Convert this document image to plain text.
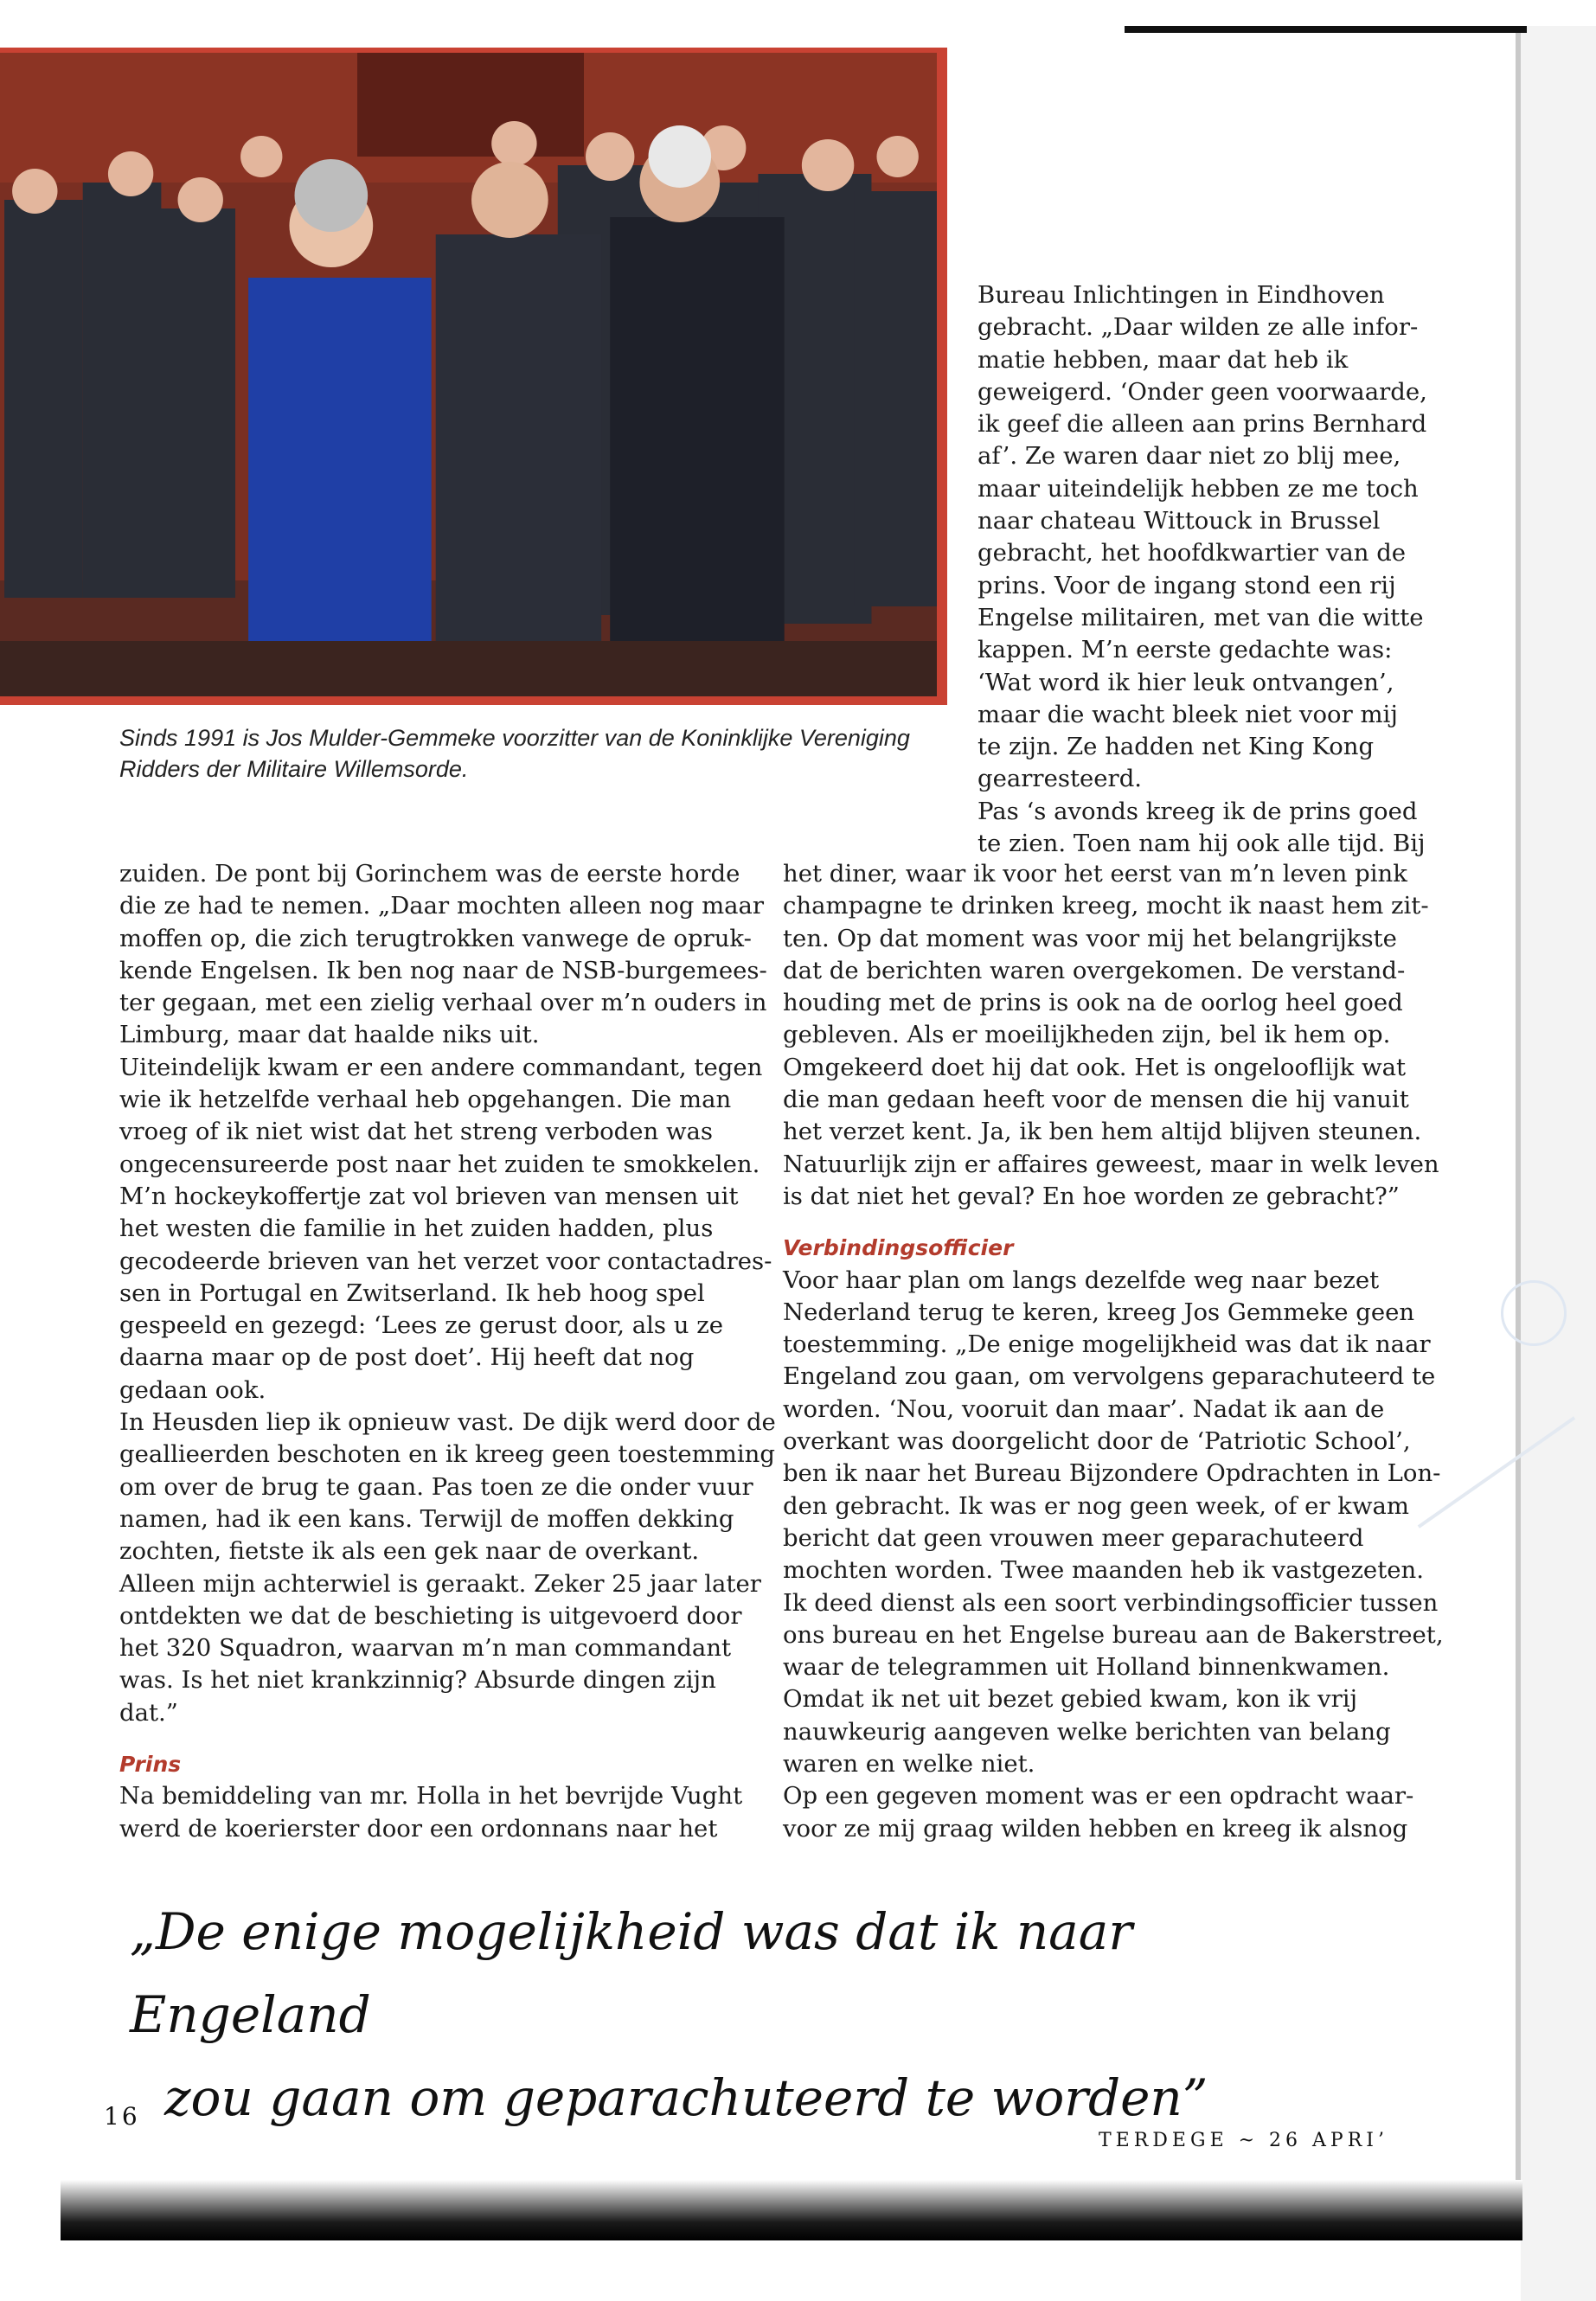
Sinds 1991 is Jos Mulder-Gemmeke voorzitter van de Koninklijke Vereniging
Ridders der Militaire Willemsorde.

Bureau Inlichtingen in Eindhoven

gebracht. „Daar wilden ze alle infor-

matie hebben, maar dat heb ik

geweigerd. ‘Onder geen voorwaarde,

ik geef die alleen aan prins Bernhard

af’. Ze waren daar niet zo blij mee,

maar uiteindelijk hebben ze me toch

naar chateau Wittouck in Brussel

gebracht, het hoofdkwartier van de

prins. Voor de ingang stond een rij

Engelse militairen, met van die witte

kappen. M’n eerste gedachte was:

‘Wat word ik hier leuk ontvangen’,

maar die wacht bleek niet voor mij

te zijn. Ze hadden net King Kong

gearresteerd.

Pas ‘s avonds kreeg ik de prins goed

te zien. Toen nam hij ook alle tijd. Bij

zuiden. De pont bij Gorinchem was de eerste horde

die ze had te nemen. „Daar mochten alleen nog maar

moffen op, die zich terugtrokken vanwege de opruk-

kende Engelsen. Ik ben nog naar de NSB-burgemees-

ter gegaan, met een zielig verhaal over m’n ouders in

Limburg, maar dat haalde niks uit.

Uiteindelijk kwam er een andere commandant, tegen

wie ik hetzelfde verhaal heb opgehangen. Die man

vroeg of ik niet wist dat het streng verboden was

ongecensureerde post naar het zuiden te smokkelen.

M’n hockeykoffertje zat vol brieven van mensen uit

het westen die familie in het zuiden hadden, plus

gecodeerde brieven van het verzet voor contactadres-

sen in Portugal en Zwitserland. Ik heb hoog spel

gespeeld en gezegd: ‘Lees ze gerust door, als u ze

daarna maar op de post doet’. Hij heeft dat nog

gedaan ook.

In Heusden liep ik opnieuw vast. De dijk werd door de

geallieerden beschoten en ik kreeg geen toestemming

om over de brug te gaan. Pas toen ze die onder vuur

namen, had ik een kans. Terwijl de moffen dekking

zochten, fietste ik als een gek naar de overkant.

Alleen mijn achterwiel is geraakt. Zeker 25 jaar later

ontdekten we dat de beschieting is uitgevoerd door

het 320 Squadron, waarvan m’n man commandant

was. Is het niet krankzinnig? Absurde dingen zijn

dat.”

Prins

Na bemiddeling van mr. Holla in het bevrijde Vught

werd de koerierster door een ordonnans naar het

het diner, waar ik voor het eerst van m’n leven pink

champagne te drinken kreeg, mocht ik naast hem zit-

ten. Op dat moment was voor mij het belangrijkste

dat de berichten waren overgekomen. De verstand-

houding met de prins is ook na de oorlog heel goed

gebleven. Als er moeilijkheden zijn, bel ik hem op.

Omgekeerd doet hij dat ook. Het is ongelooflijk wat

die man gedaan heeft voor de mensen die hij vanuit

het verzet kent. Ja, ik ben hem altijd blijven steunen.

Natuurlijk zijn er affaires geweest, maar in welk leven

is dat niet het geval? En hoe worden ze gebracht?”

Verbindingsofficier

Voor haar plan om langs dezelfde weg naar bezet

Nederland terug te keren, kreeg Jos Gemmeke geen

toestemming. „De enige mogelijkheid was dat ik naar

Engeland zou gaan, om vervolgens geparachuteerd te

worden. ‘Nou, vooruit dan maar’. Nadat ik aan de

overkant was doorgelicht door de ‘Patriotic School’,

ben ik naar het Bureau Bijzondere Opdrachten in Lon-

den gebracht. Ik was er nog geen week, of er kwam

bericht dat geen vrouwen meer geparachuteerd

mochten worden. Twee maanden heb ik vastgezeten.

Ik deed dienst als een soort verbindingsofficier tussen

ons bureau en het Engelse bureau aan de Bakerstreet,

waar de telegrammen uit Holland binnenkwamen.

Omdat ik net uit bezet gebied kwam, kon ik vrij

nauwkeurig aangeven welke berichten van belang

waren en welke niet.

Op een gegeven moment was er een opdracht waar-

voor ze mij graag wilden hebben en kreeg ik alsnog

„De enige mogelijkheid was dat ik naar Engeland
zou gaan om geparachuteerd te worden”
16
TERDEGE ~ 26 APRI’
